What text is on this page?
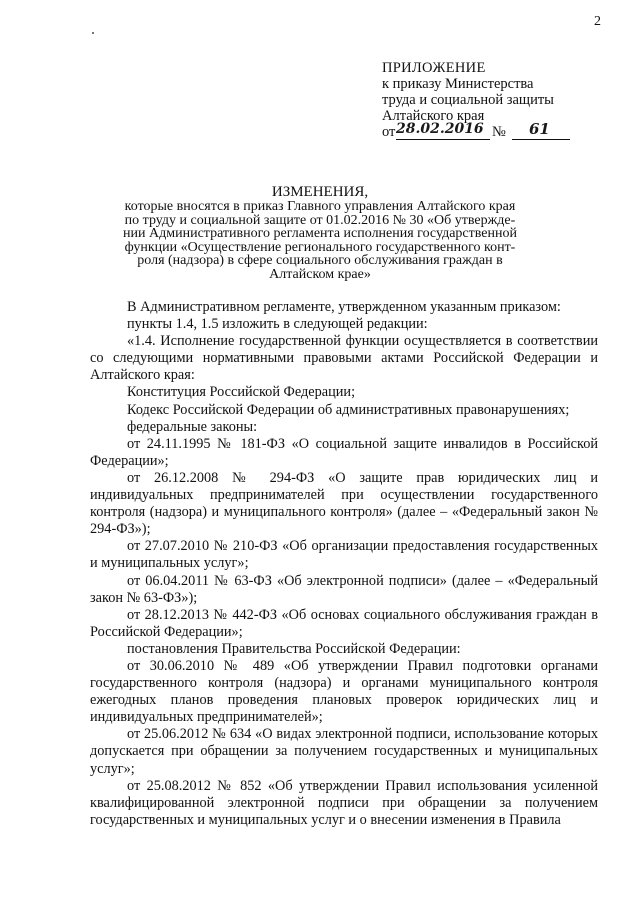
2
ПРИЛОЖЕНИЕ
к приказу Министерства
труда и социальной защиты
Алтайского края
от 28.02.2016 № 61
ИЗМЕНЕНИЯ,
которые вносятся в приказ Главного управления Алтайского края
по труду и социальной защите от 01.02.2016 № 30 «Об утвержде-
нии Административного регламента исполнения государственной
функции «Осуществление регионального государственного конт-
роля (надзора) в сфере социального обслуживания граждан в
Алтайском крае»

В Административном регламенте, утвержденном указанным приказом:

пункты 1.4, 1.5 изложить в следующей редакции:

«1.4. Исполнение государственной функции осуществляется в соответствии со следующими нормативными правовыми актами Российской Федерации и Алтайского края:

Конституция Российской Федерации;

Кодекс Российской Федерации об административных правонарушениях;

федеральные законы:

от 24.11.1995 № 181-ФЗ «О социальной защите инвалидов в Российской Федерации»;

от 26.12.2008 № 294-ФЗ «О защите прав юридических лиц и индивидуальных предпринимателей при осуществлении государственного контроля (надзора) и муниципального контроля» (далее – «Федеральный закон № 294-ФЗ»);

от 27.07.2010 № 210-ФЗ «Об организации предоставления государственных и муниципальных услуг»;

от 06.04.2011 № 63-ФЗ «Об электронной подписи» (далее – «Федеральный закон № 63-ФЗ»);

от 28.12.2013 № 442-ФЗ «Об основах социального обслуживания граждан в Российской Федерации»;

постановления Правительства Российской Федерации:

от 30.06.2010 № 489 «Об утверждении Правил подготовки органами государственного контроля (надзора) и органами муниципального контроля ежегодных планов проведения плановых проверок юридических лиц и индивидуальных предпринимателей»;

от 25.06.2012 № 634 «О видах электронной подписи, использование которых допускается при обращении за получением государственных и муниципальных услуг»;

от 25.08.2012 № 852 «Об утверждении Правил использования усиленной квалифицированной электронной подписи при обращении за получением государственных и муниципальных услуг и о внесении изменения в Правила
